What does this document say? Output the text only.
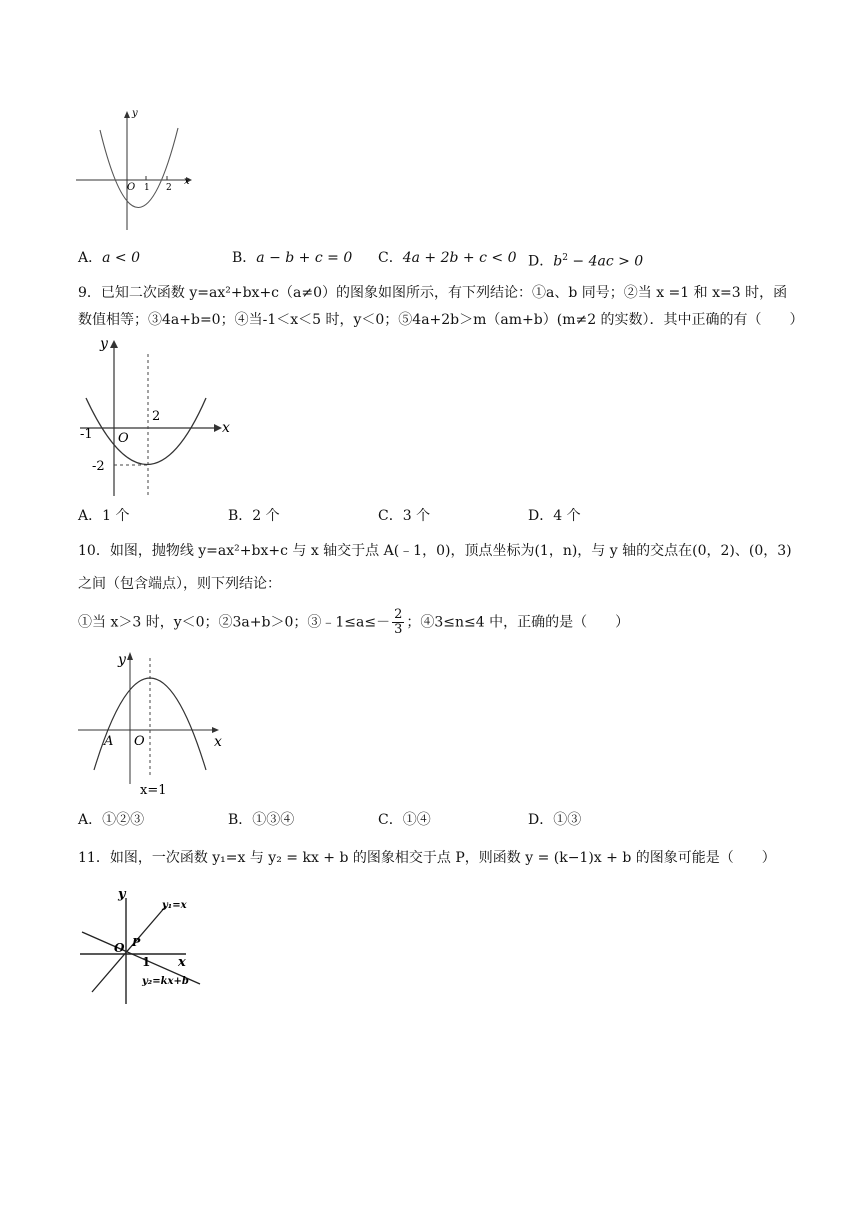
y
x
O 1 2
A．a < 0	B．a − b + c = 0 C．4a + 2b + c < 0 D．$b^2 - 4ac > 0$
9．已知二次函数 y=ax²+bx+c（a≠0）的图象如图所示，有下列结论：①a、b 同号；②当 x =1 和 x=3 时，函
数值相等；③4a+b=0；④当-1＜x＜5 时，y＜0；⑤4a+2b＞m（am+b）(m≠2 的实数）．其中正确的有（　　）
y
x
O
-1
-2
2
A．1 个	B．2 个	C．3 个	D．4 个
10．如图，抛物线 y=ax²+bx+c 与 x 轴交于点 A(﹣1，0)，顶点坐标为(1，n)，与 y 轴的交点在(0，2)、(0，3)
之间（包含端点），则下列结论：
①当 x＞3 时，y＜0；②3a+b＞0；③﹣1≤a≤－ $\frac{2}{3}$ ；④3≤n≤4 中，正确的是（　　）
y
x
O
A
x=1
A．①②③	B．①③④	C．①④	D．①③
11．如图，一次函数 y₁=x 与 y₂ = kx + b 的图象相交于点 P，则函数 y = (k−1)x + b 的图象可能是（　　）
y
x
O P
1
y₁=x
y₂=kx+b
